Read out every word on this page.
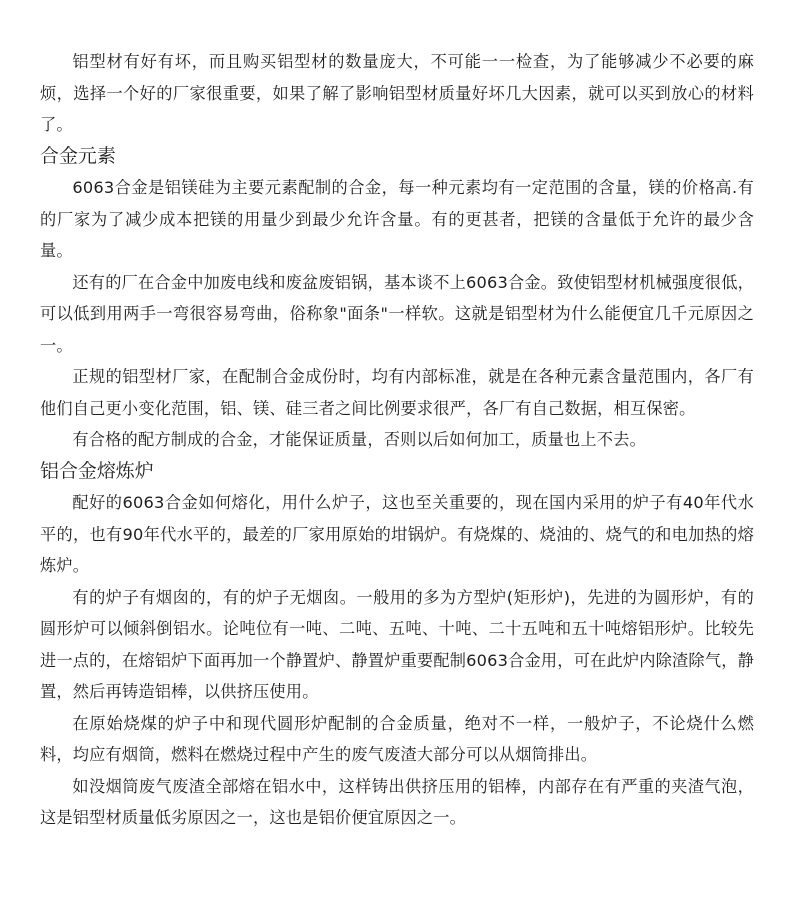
铝型材有好有坏，而且购买铝型材的数量庞大，不可能一一检查，为了能够减少不必要的麻烦，选择一个好的厂家很重要，如果了解了影响铝型材质量好坏几大因素，就可以买到放心的材料了。

合金元素

6063合金是铝镁硅为主要元素配制的合金，每一种元素均有一定范围的含量，镁的价格高.有的厂家为了减少成本把镁的用量少到最少允许含量。有的更甚者，把镁的含量低于允许的最少含量。

还有的厂在合金中加废电线和废盆废铝锅，基本谈不上6063合金。致使铝型材机械强度很低，可以低到用两手一弯很容易弯曲，俗称象"面条"一样软。这就是铝型材为什么能便宜几千元原因之一。

正规的铝型材厂家，在配制合金成份时，均有内部标准，就是在各种元素含量范围内，各厂有他们自己更小变化范围，铝、镁、硅三者之间比例要求很严，各厂有自己数据，相互保密。

有合格的配方制成的合金，才能保证质量，否则以后如何加工，质量也上不去。

铝合金熔炼炉

配好的6063合金如何熔化，用什么炉子，这也至关重要的，现在国内采用的炉子有40年代水平的，也有90年代水平的，最差的厂家用原始的坩锅炉。有烧煤的、烧油的、烧气的和电加热的熔炼炉。

有的炉子有烟囱的，有的炉子无烟囱。一般用的多为方型炉(矩形炉)，先进的为圆形炉，有的圆形炉可以倾斜倒铝水。论吨位有一吨、二吨、五吨、十吨、二十五吨和五十吨熔铝形炉。比较先进一点的，在熔铝炉下面再加一个静置炉、静置炉重要配制6063合金用，可在此炉内除渣除气，静置，然后再铸造铝棒，以供挤压使用。

在原始烧煤的炉子中和现代圆形炉配制的合金质量，绝对不一样，一般炉子，不论烧什么燃料，均应有烟筒，燃料在燃烧过程中产生的废气废渣大部分可以从烟筒排出。

如没烟筒废气废渣全部熔在铝水中，这样铸出供挤压用的铝棒，内部存在有严重的夹渣气泡，这是铝型材质量低劣原因之一，这也是铝价便宜原因之一。
